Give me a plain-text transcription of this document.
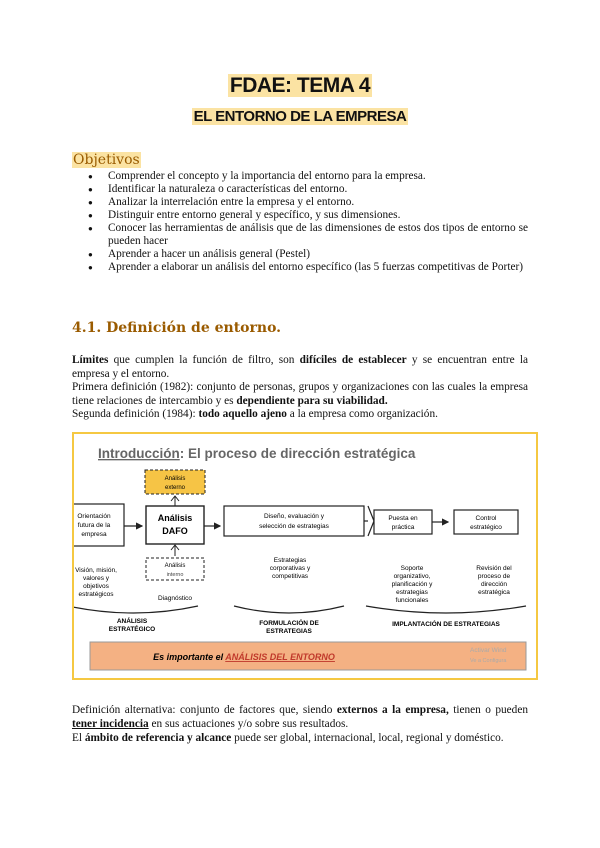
FDAE: TEMA 4
EL ENTORNO DE LA EMPRESA
Objetivos
● Comprender el concepto y la importancia del entorno para la empresa.
● Identificar la naturaleza o características del entorno.
● Analizar la interrelación entre la empresa y el entorno.
● Distinguir entre entorno general y específico, y sus dimensiones.
● Conocer las herramientas de análisis que de las dimensiones de estos dos tipos de entorno se pueden hacer
● Aprender a hacer un análisis general (Pestel)
● Aprender a elaborar un análisis del entorno específico (las 5 fuerzas competitivas de Porter)
4.1. Definición de entorno.
Límites que cumplen la función de filtro, son difíciles de establecer y se encuentran entre la empresa y el entorno.
Primera definición (1982): conjunto de personas, grupos y organizaciones con las cuales la empresa tiene relaciones de intercambio y es dependiente para su viabilidad.
Segunda definición (1984): todo aquello ajeno a la empresa como organización.
Introducción: El proceso de dirección estratégica
Análisis
externo
Orientación
futura de la
empresa
Análisis
DAFO
Diseño, evaluación y
selección de estrategias
Puesta en
práctica
Control
estratégico
Análisis
interno
Visión, misión,
valores y
objetivos
estratégicos
Diagnóstico
Estrategias
corporativas y
competitivas
Soporte
organizativo,
planificación y
estrategias
funcionales
Revisión del
proceso de
dirección
estratégica
ANÁLISIS
ESTRATÉGICO
FORMULACIÓN DE
ESTRATEGIAS
IMPLANTACIÓN DE ESTRATEGIAS
Es importante el ANÁLISIS DEL ENTORNO
Activar Wind
Ve a Configura
Definición alternativa: conjunto de factores que, siendo externos a la empresa, tienen o pueden tener incidencia en sus actuaciones y/o sobre sus resultados.
El ámbito de referencia y alcance puede ser global, internacional, local, regional y doméstico.
